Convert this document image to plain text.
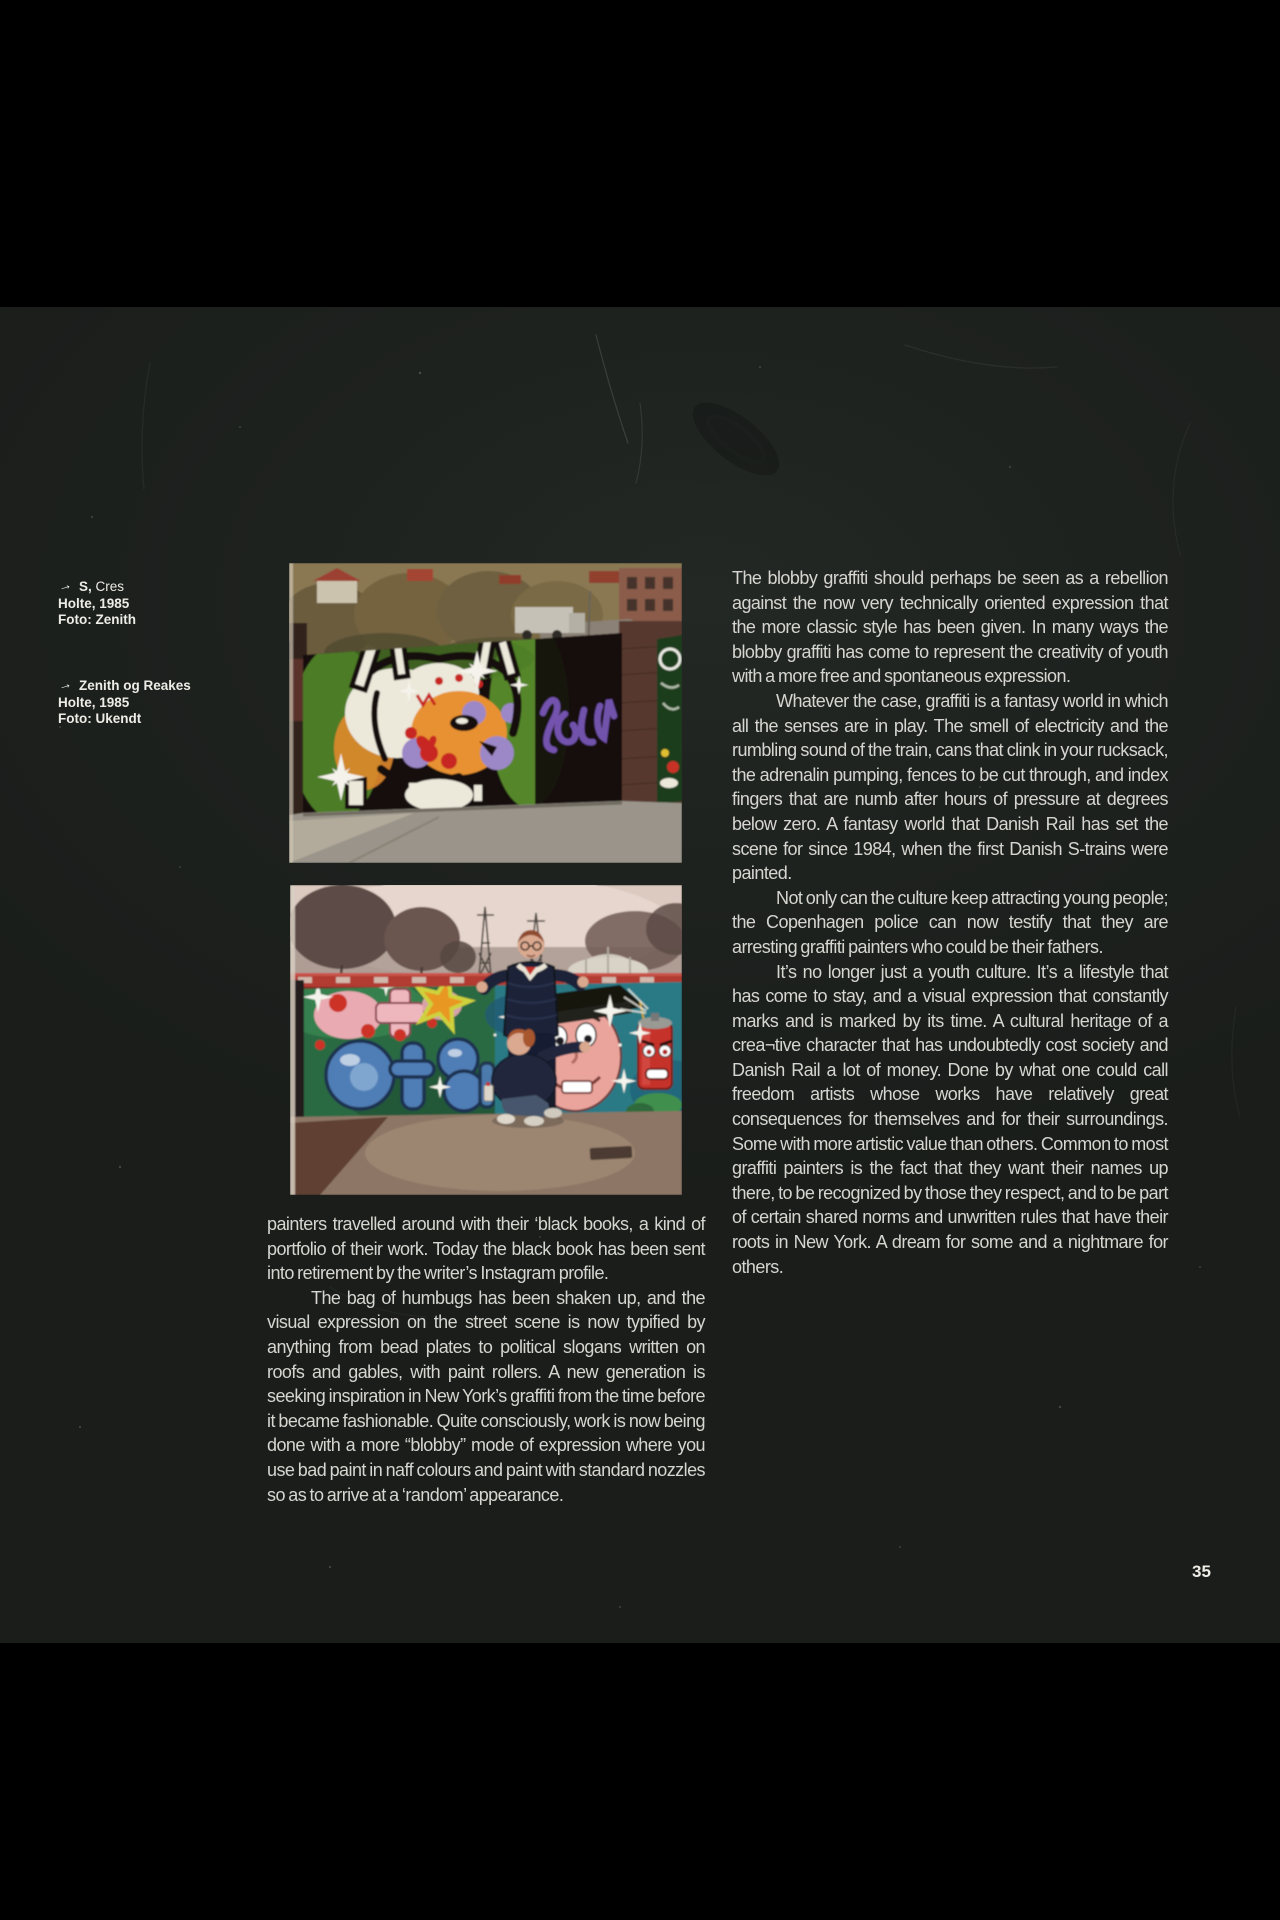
→ S, Cres
Holte, 1985
Foto: Zenith
→ Zenith og Reakes
Holte, 1985
Foto: Ukendt

painters travelled around with their ‘black books, a kind of portfolio of their work. Today the black book has been sent into retirement by the writer’s Instagram profile.

The bag of humbugs has been shaken up, and the visual expression on the street scene is now typified by anything from bead plates to political slogans written on roofs and gables, with paint rollers. A new generation is seeking inspiration in New York’s graffiti from the time before it became fashionable. Quite consciously, work is now being done with a more “blobby” mode of expression where you use bad paint in naff colours and paint with standard nozzles so as to arrive at a ‘random’ appearance.

The blobby graffiti should perhaps be seen as a rebellion against the now very technically oriented expression that the more classic style has been given. In many ways the blobby graffiti has come to represent the creativity of youth with a more free and spontaneous expression.

Whatever the case, graffiti is a fantasy world in which all the senses are in play. The smell of electricity and the rumbling sound of the train, cans that clink in your rucksack, the adrenalin pumping, fences to be cut through, and index fingers that are numb after hours of pressure at degrees below zero. A fantasy world that Danish Rail has set the scene for since 1984, when the first Danish S-trains were painted.

Not only can the culture keep attracting young people; the Copenhagen police can now testify that they are arresting graffiti painters who could be their fathers.

It’s no longer just a youth culture. It’s a lifestyle that has come to stay, and a visual expression that constantly marks and is marked by its time. A cultural heritage of a crea¬tive character that has undoubtedly cost society and Danish Rail a lot of money. Done by what one could call freedom artists whose works have relatively great consequences for themselves and for their surroundings. Some with more artistic value than others. Common to most graffiti painters is the fact that they want their names up there, to be recognized by those they respect, and to be part of certain shared norms and unwritten rules that have their roots in New York. A dream for some and a nightmare for others.

35
